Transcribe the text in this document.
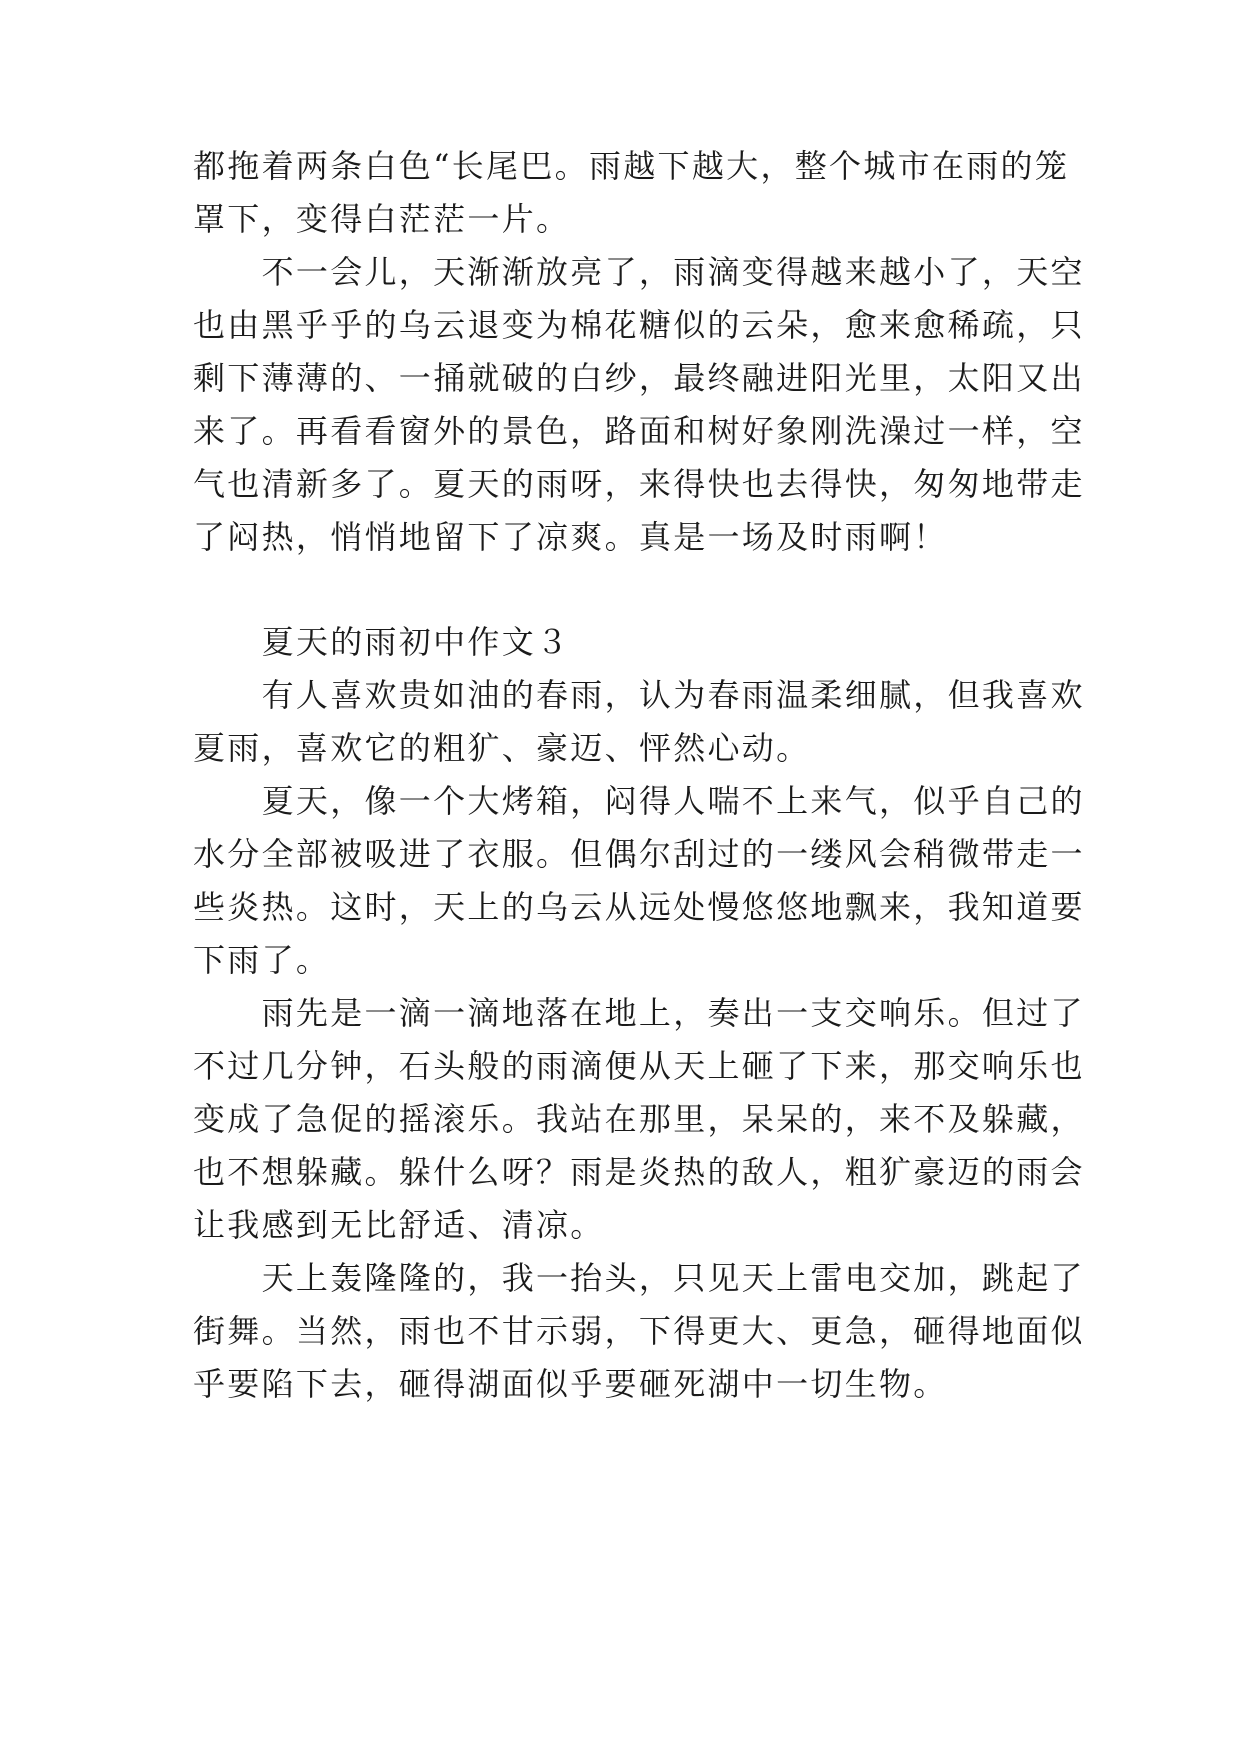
都拖着两条白色“长尾巴。雨越下越大，整个城市在雨的笼
罩下，变得白茫茫一片。
　　不一会儿，天渐渐放亮了，雨滴变得越来越小了，天空
也由黑乎乎的乌云退变为棉花糖似的云朵，愈来愈稀疏，只
剩下薄薄的、一捅就破的白纱，最终融进阳光里，太阳又出
来了。再看看窗外的景色，路面和树好象刚洗澡过一样，空
气也清新多了。夏天的雨呀，来得快也去得快，匆匆地带走
了闷热，悄悄地留下了凉爽。真是一场及时雨啊！
　　夏天的雨初中作文３
　　有人喜欢贵如油的春雨，认为春雨温柔细腻，但我喜欢
夏雨，喜欢它的粗犷、豪迈、怦然心动。
　　夏天，像一个大烤箱，闷得人喘不上来气，似乎自己的
水分全部被吸进了衣服。但偶尔刮过的一缕风会稍微带走一
些炎热。这时，天上的乌云从远处慢悠悠地飘来，我知道要
下雨了。
　　雨先是一滴一滴地落在地上，奏出一支交响乐。但过了
不过几分钟，石头般的雨滴便从天上砸了下来，那交响乐也
变成了急促的摇滚乐。我站在那里，呆呆的，来不及躲藏，
也不想躲藏。躲什么呀？雨是炎热的敌人，粗犷豪迈的雨会
让我感到无比舒适、清凉。
　　天上轰隆隆的，我一抬头，只见天上雷电交加，跳起了
街舞。当然，雨也不甘示弱，下得更大、更急，砸得地面似
乎要陷下去，砸得湖面似乎要砸死湖中一切生物。
